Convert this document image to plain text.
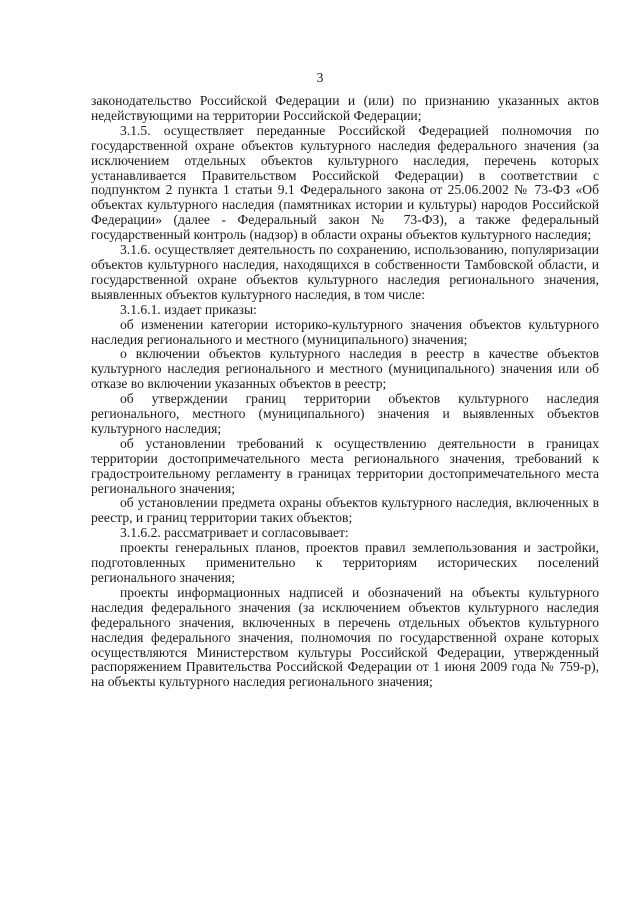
3

законодательство Российской Федерации и (или) по признанию указанных актов недействующими на территории Российской Федерации;

3.1.5. осуществляет переданные Российской Федерацией полномочия по государственной охране объектов культурного наследия федерального значения (за исключением отдельных объектов культурного наследия, перечень которых устанавливается Правительством Российской Федерации) в соответствии с подпунктом 2 пункта 1 статьи 9.1 Федерального закона от 25.06.2002 № 73-ФЗ «Об объектах культурного наследия (памятниках истории и культуры) народов Российской Федерации» (далее - Федеральный закон № 73-ФЗ), а также федеральный государственный контроль (надзор) в области охраны объектов культурного наследия;

3.1.6. осуществляет деятельность по сохранению, использованию, популяризации объектов культурного наследия, находящихся в собственности Тамбовской области, и государственной охране объектов культурного наследия регионального значения, выявленных объектов культурного наследия, в том числе:

3.1.6.1. издает приказы:

об изменении категории историко-культурного значения объектов культурного наследия регионального и местного (муниципального) значения;

о включении объектов культурного наследия в реестр в качестве объектов культурного наследия регионального и местного (муниципального) значения или об отказе во включении указанных объектов в реестр;

об утверждении границ территории объектов культурного наследия регионального, местного (муниципального) значения и выявленных объектов культурного наследия;

об установлении требований к осуществлению деятельности в границах территории достопримечательного места регионального значения, требований к градостроительному регламенту в границах территории достопримечательного места регионального значения;

об установлении предмета охраны объектов культурного наследия, включенных в реестр, и границ территории таких объектов;

3.1.6.2. рассматривает и согласовывает:

проекты генеральных планов, проектов правил землепользования и застройки, подготовленных применительно к территориям исторических поселений регионального значения;

проекты информационных надписей и обозначений на объекты культурного наследия федерального значения (за исключением объектов культурного наследия федерального значения, включенных в перечень отдельных объектов культурного наследия федерального значения, полномочия по государственной охране которых осуществляются Министерством культуры Российской Федерации, утвержденный распоряжением Правительства Российской Федерации от 1 июня 2009 года № 759-р), на объекты культурного наследия регионального значения;
